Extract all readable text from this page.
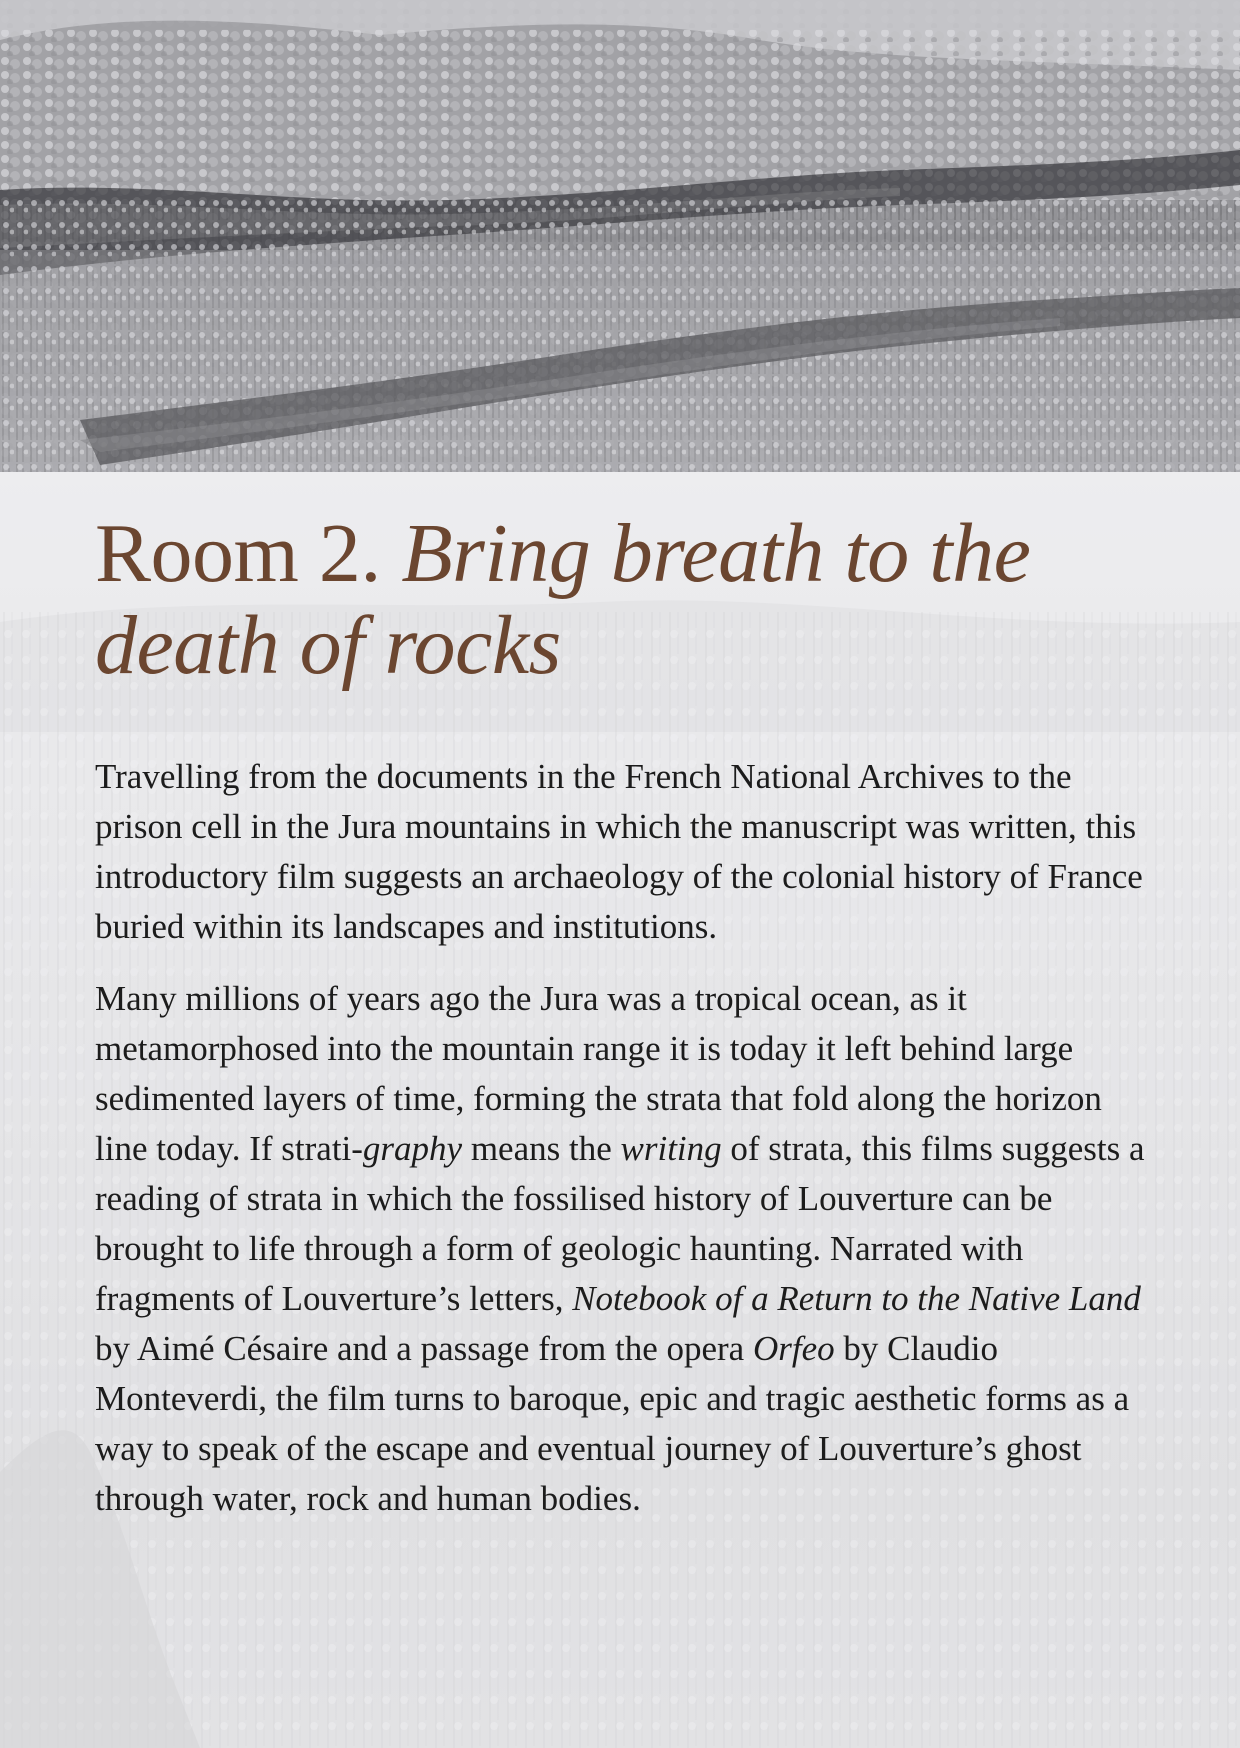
Room 2. Bring breath to the death of rocks

Travelling from the documents in the French National Archives to the prison cell in the Jura mountains in which the manuscript was written, this introductory film suggests an archaeology of the colonial history of France buried within its landscapes and institutions.

Many millions of years ago the Jura was a tropical ocean, as it metamorphosed into the mountain range it is today it left behind large sedimented layers of time, forming the strata that fold along the horizon line today. If strati-graphy means the writing of strata, this films suggests a reading of strata in which the fossilised history of Louverture can be brought to life through a form of geologic haunting. Narrated with fragments of Louverture’s letters, Notebook of a Return to the Native Land by Aimé Césaire and a passage from the opera Orfeo by Claudio Monteverdi, the film turns to baroque, epic and tragic aesthetic forms as a way to speak of the escape and eventual journey of Louverture’s ghost through water, rock and human bodies.
